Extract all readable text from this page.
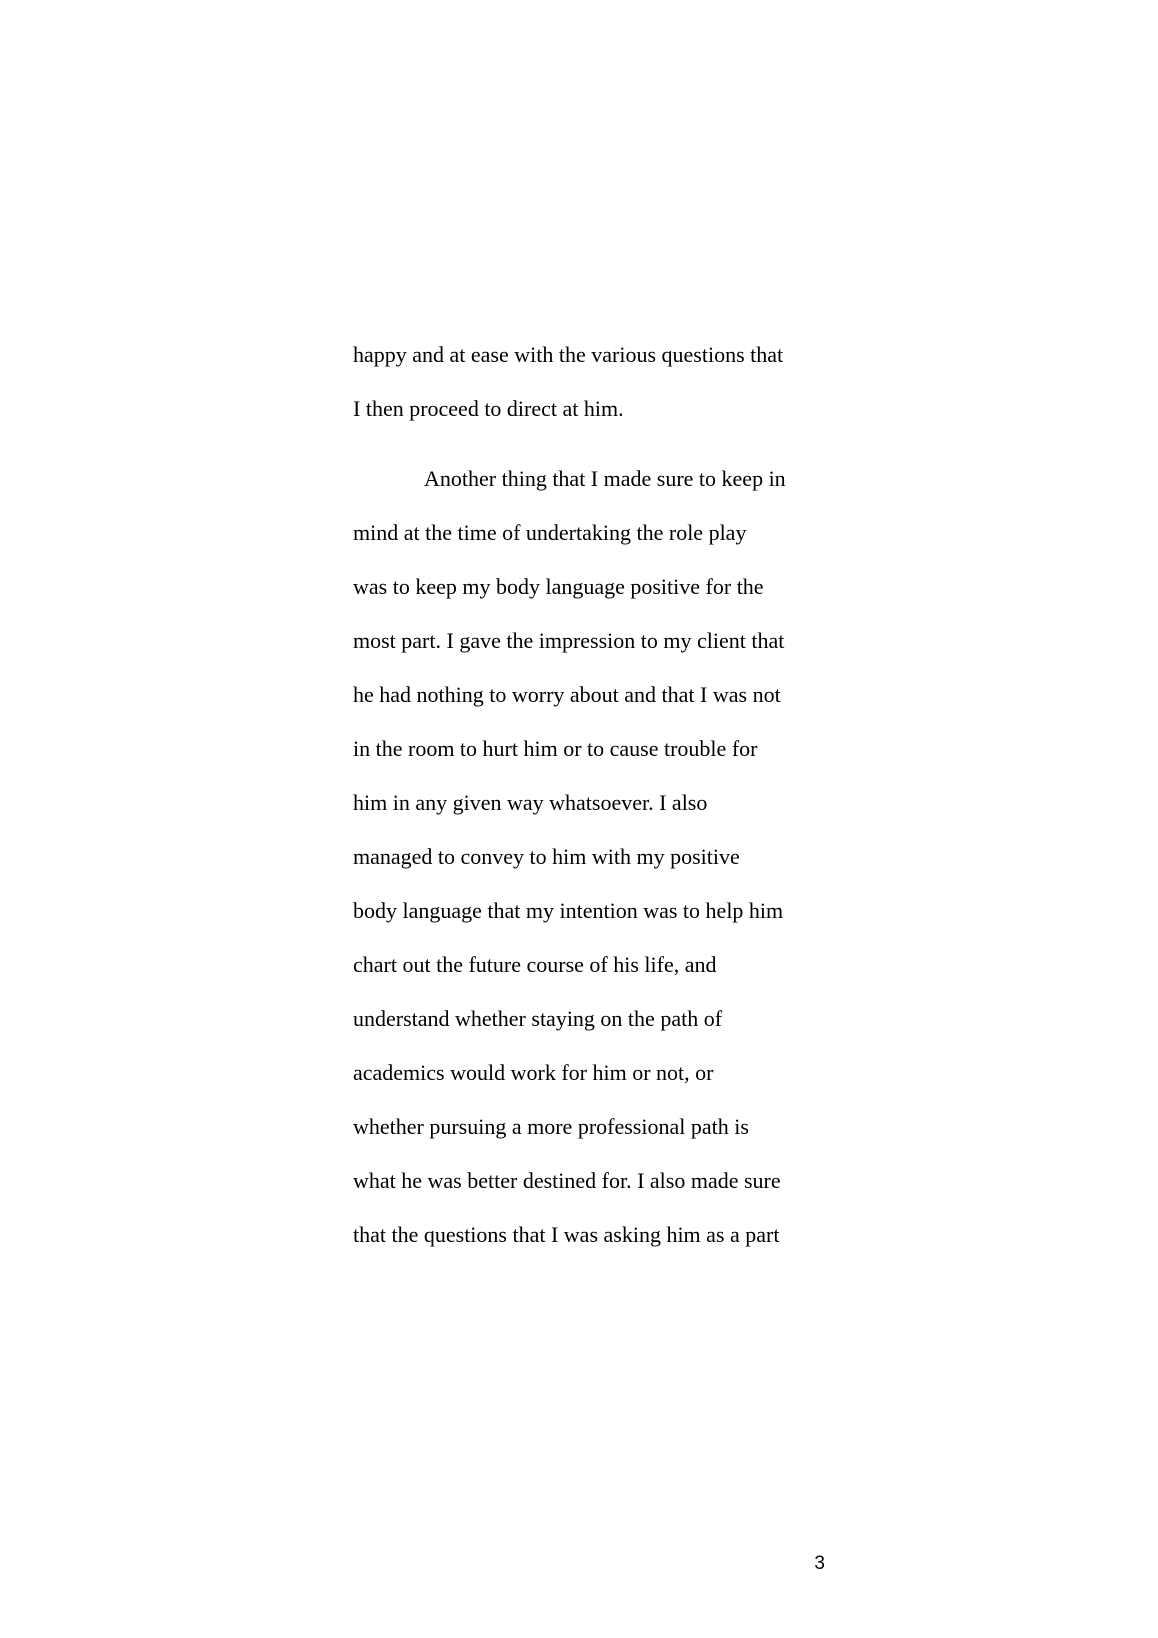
happy and at ease with the various questions that
I then proceed to direct at him.
Another thing that I made sure to keep in
mind at the time of undertaking the role play
was to keep my body language positive for the
most part. I gave the impression to my client that
he had nothing to worry about and that I was not
in the room to hurt him or to cause trouble for
him in any given way whatsoever. I also
managed to convey to him with my positive
body language that my intention was to help him
chart out the future course of his life, and
understand whether staying on the path of
academics would work for him or not, or
whether pursuing a more professional path is
what he was better destined for. I also made sure
that the questions that I was asking him as a part
3
